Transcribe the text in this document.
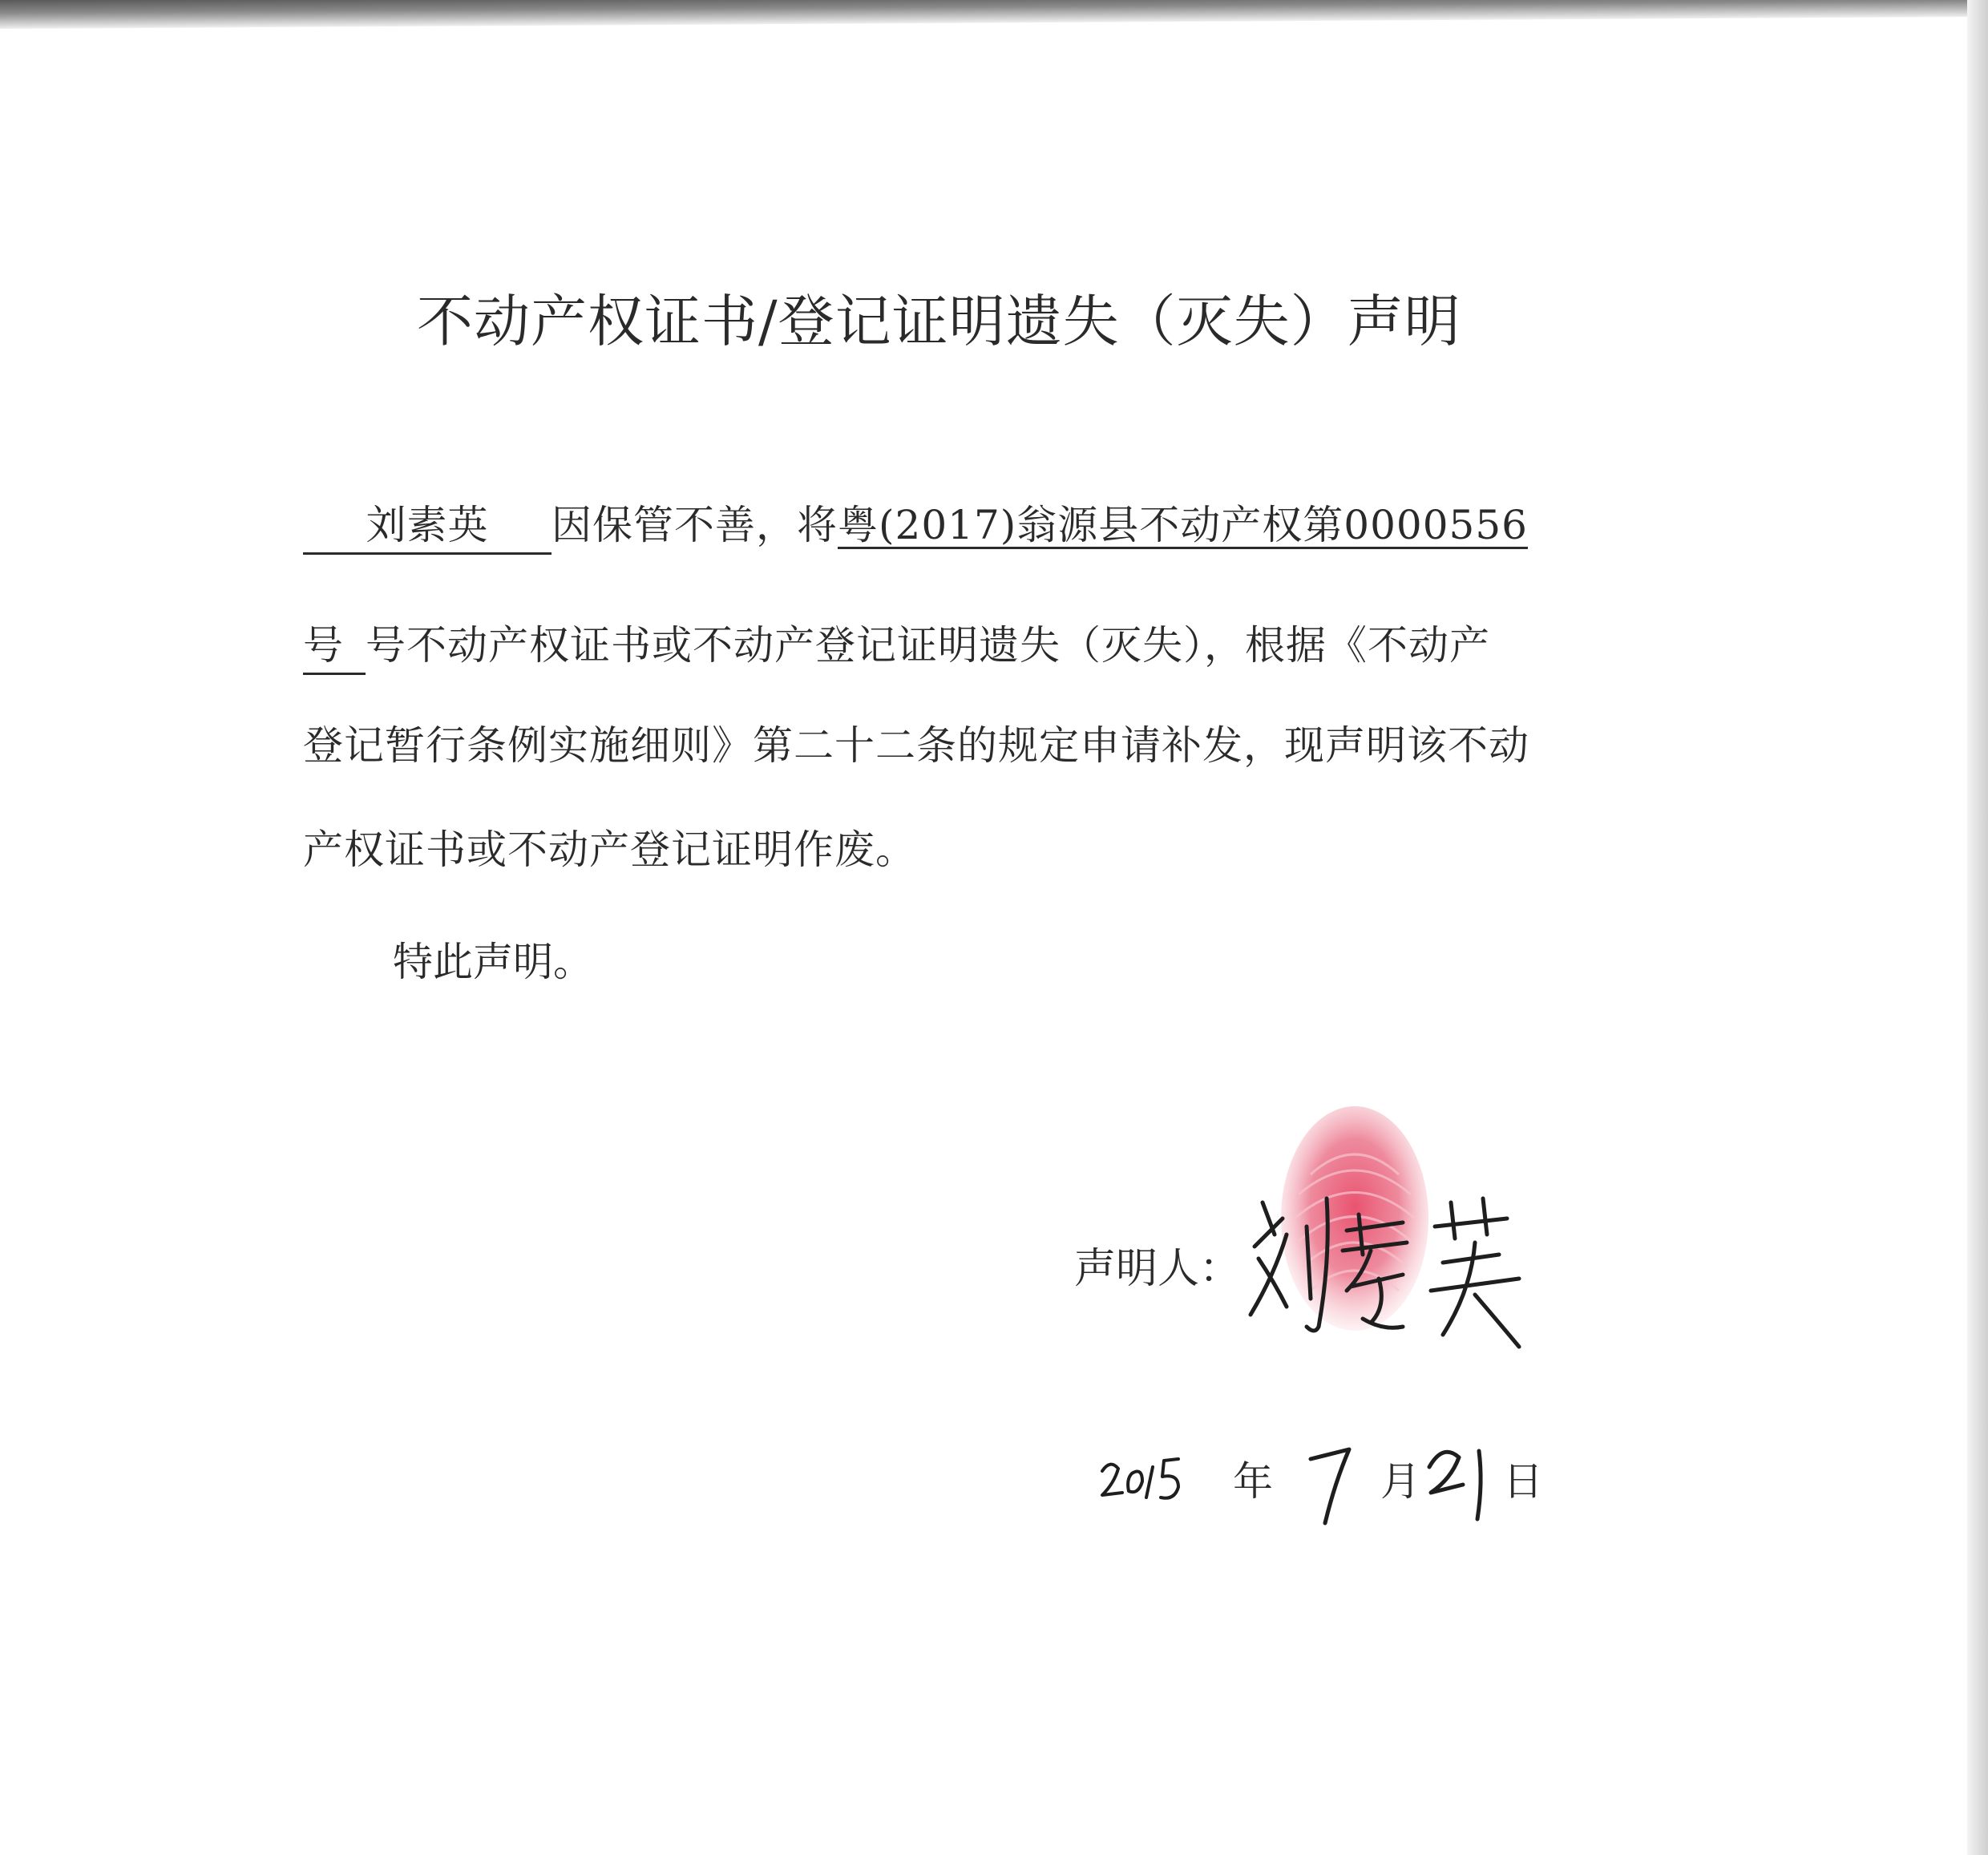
不动产权证书/登记证明遗失（灭失）声明
刘素英 因保管不善，将粤(2017)翁源县不动产权第0000556
号 号不动产权证书或不动产登记证明遗失（灭失），根据《不动产
登记暂行条例实施细则》第二十二条的规定申请补发，现声明该不动
产权证书或不动产登记证明作废。
特此声明。
声明人：
年	月 日
